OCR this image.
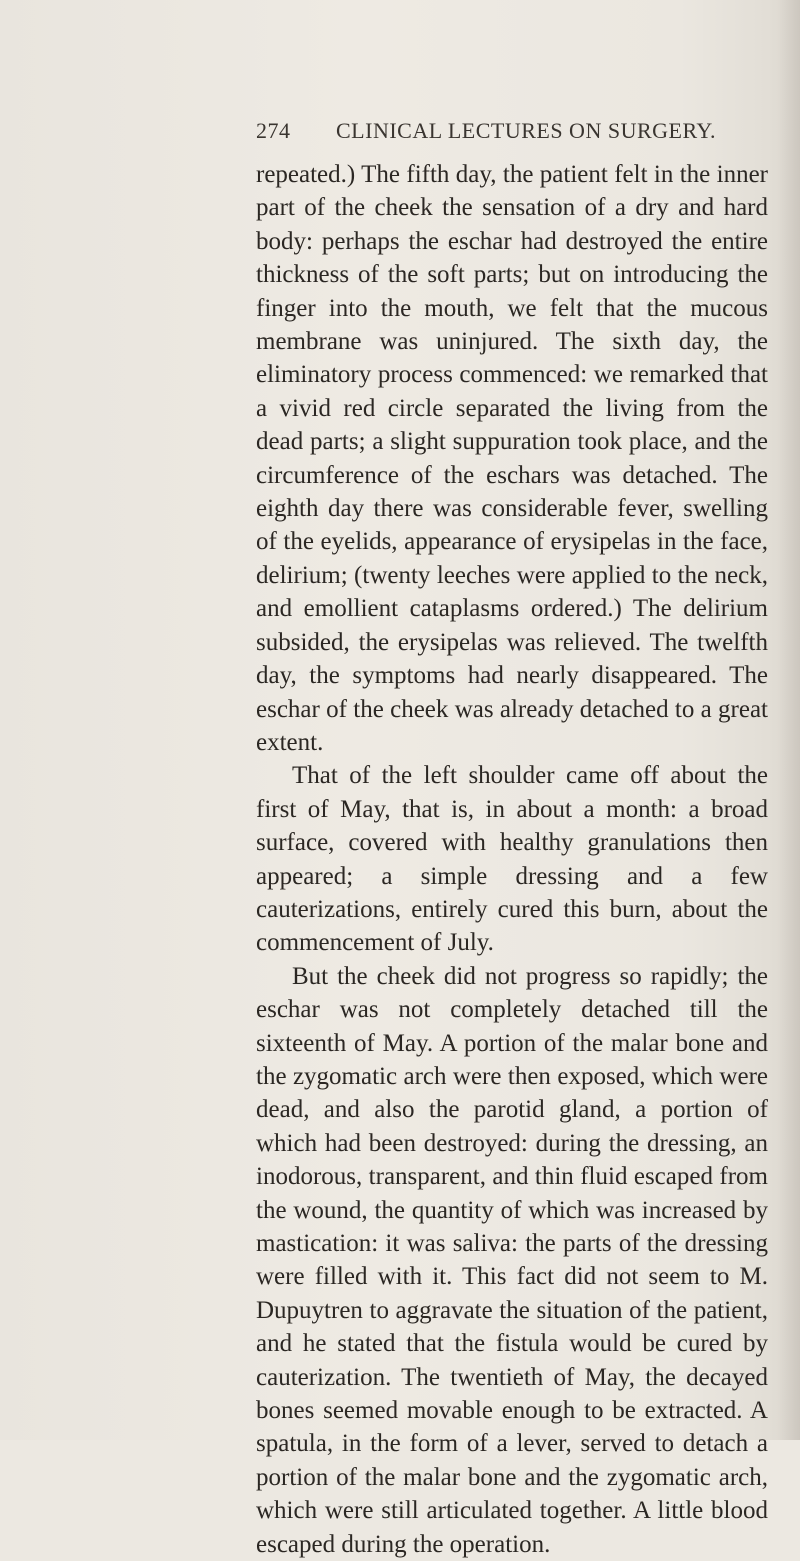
274	CLINICAL LECTURES ON SURGERY.

repeated.) The fifth day, the patient felt in the inner part of the cheek the sensation of a dry and hard body: perhaps the eschar had destroyed the entire thickness of the soft parts; but on introducing the finger into the mouth, we felt that the mucous membrane was uninjured. The sixth day, the eliminatory process commenced: we remarked that a vivid red circle separated the living from the dead parts; a slight suppuration took place, and the circumference of the eschars was detached. The eighth day there was considerable fever, swelling of the eyelids, appearance of erysipelas in the face, delirium; (twenty leeches were applied to the neck, and emollient cataplasms ordered.) The delirium subsided, the erysipelas was relieved. The twelfth day, the symptoms had nearly disappeared. The eschar of the cheek was already detached to a great extent.

That of the left shoulder came off about the first of May, that is, in about a month: a broad surface, covered with healthy granulations then appeared; a simple dressing and a few cauterizations, entirely cured this burn, about the commencement of July.

But the cheek did not progress so rapidly; the eschar was not completely detached till the sixteenth of May. A portion of the malar bone and the zygomatic arch were then exposed, which were dead, and also the parotid gland, a portion of which had been destroyed: during the dressing, an inodorous, transparent, and thin fluid escaped from the wound, the quantity of which was increased by mastication: it was saliva: the parts of the dressing were filled with it. This fact did not seem to M. Dupuytren to aggravate the situation of the patient, and he stated that the fistula would be cured by cauterization. The twentieth of May, the decayed bones seemed movable enough to be extracted. A spatula, in the form of a lever, served to detach a portion of the malar bone and the zygomatic arch, which were still articulated together. A little blood escaped during the operation.
